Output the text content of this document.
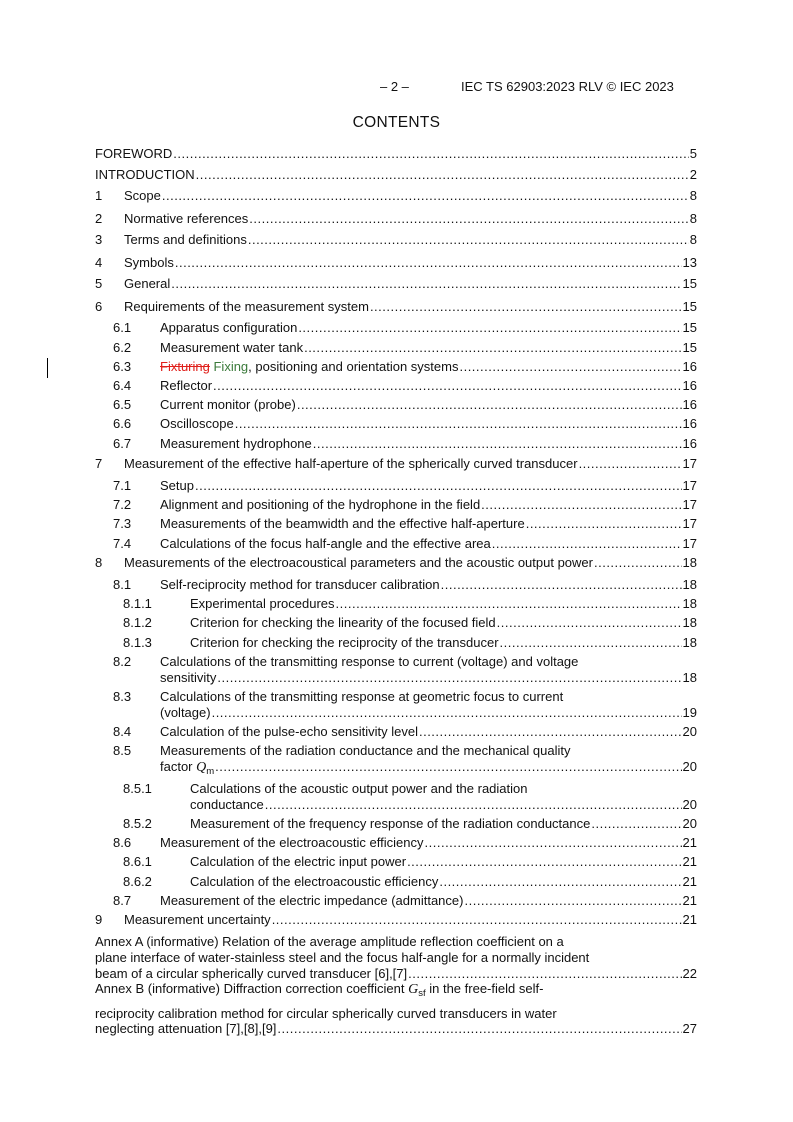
– 2 –	IEC TS 62903:2023 RLV © IEC 2023
CONTENTS
FOREWORD .....	5
INTRODUCTION .....	2
1 Scope .....	8
2 Normative references .....	8
3 Terms and definitions .....	8
4 Symbols .....	13
5 General .....	15
6 Requirements of the measurement system .....	15
6.1 Apparatus configuration .....	15
6.2 Measurement water tank .....	15
6.3 Fixturing Fixing, positioning and orientation systems .....	16
6.4 Reflector .....	16
6.5 Current monitor (probe) .....	16
6.6 Oscilloscope .....	16
6.7 Measurement hydrophone .....	16
7 Measurement of the effective half-aperture of the spherically curved transducer .....	17
7.1 Setup .....	17
7.2 Alignment and positioning of the hydrophone in the field .....	17
7.3 Measurements of the beamwidth and the effective half-aperture .....	17
7.4 Calculations of the focus half-angle and the effective area .....	17
8 Measurements of the electroacoustical parameters and the acoustic output power .....	18
8.1 Self-reciprocity method for transducer calibration .....	18
8.1.1	Experimental procedures .....	18
8.1.2	Criterion for checking the linearity of the focused field .....	18
8.1.3	Criterion for checking the reciprocity of the transducer .....	18
8.2 Calculations of the transmitting response to current (voltage) and voltage
sensitivity .....	18
8.3 Calculations of the transmitting response at geometric focus to current
(voltage) .....	19
8.4 Calculation of the pulse-echo sensitivity level .....	20
8.5 Measurements of the radiation conductance and the mechanical quality
factor $Q_m$ .....	20
8.5.1	Calculations of the acoustic output power and the radiation
conductance .....	20
8.5.2	Measurement of the frequency response of the radiation conductance .....	20
8.6 Measurement of the electroacoustic efficiency .....	21
8.6.1	Calculation of the electric input power .....	21
8.6.2	Calculation of the electroacoustic efficiency .....	21
8.7 Measurement of the electric impedance (admittance) .....	21
9 Measurement uncertainty .....	21
Annex A (informative) Relation of the average amplitude reflection coefficient on a
plane interface of water-stainless steel and the focus half-angle for a normally incident
beam of a circular spherically curved transducer [6],[7] .....	22
Annex B (informative) Diffraction correction coefficient $G_{sf}$ in the free-field self-
reciprocity calibration method for circular spherically curved transducers in water
neglecting attenuation [7],[8],[9] .....	27
